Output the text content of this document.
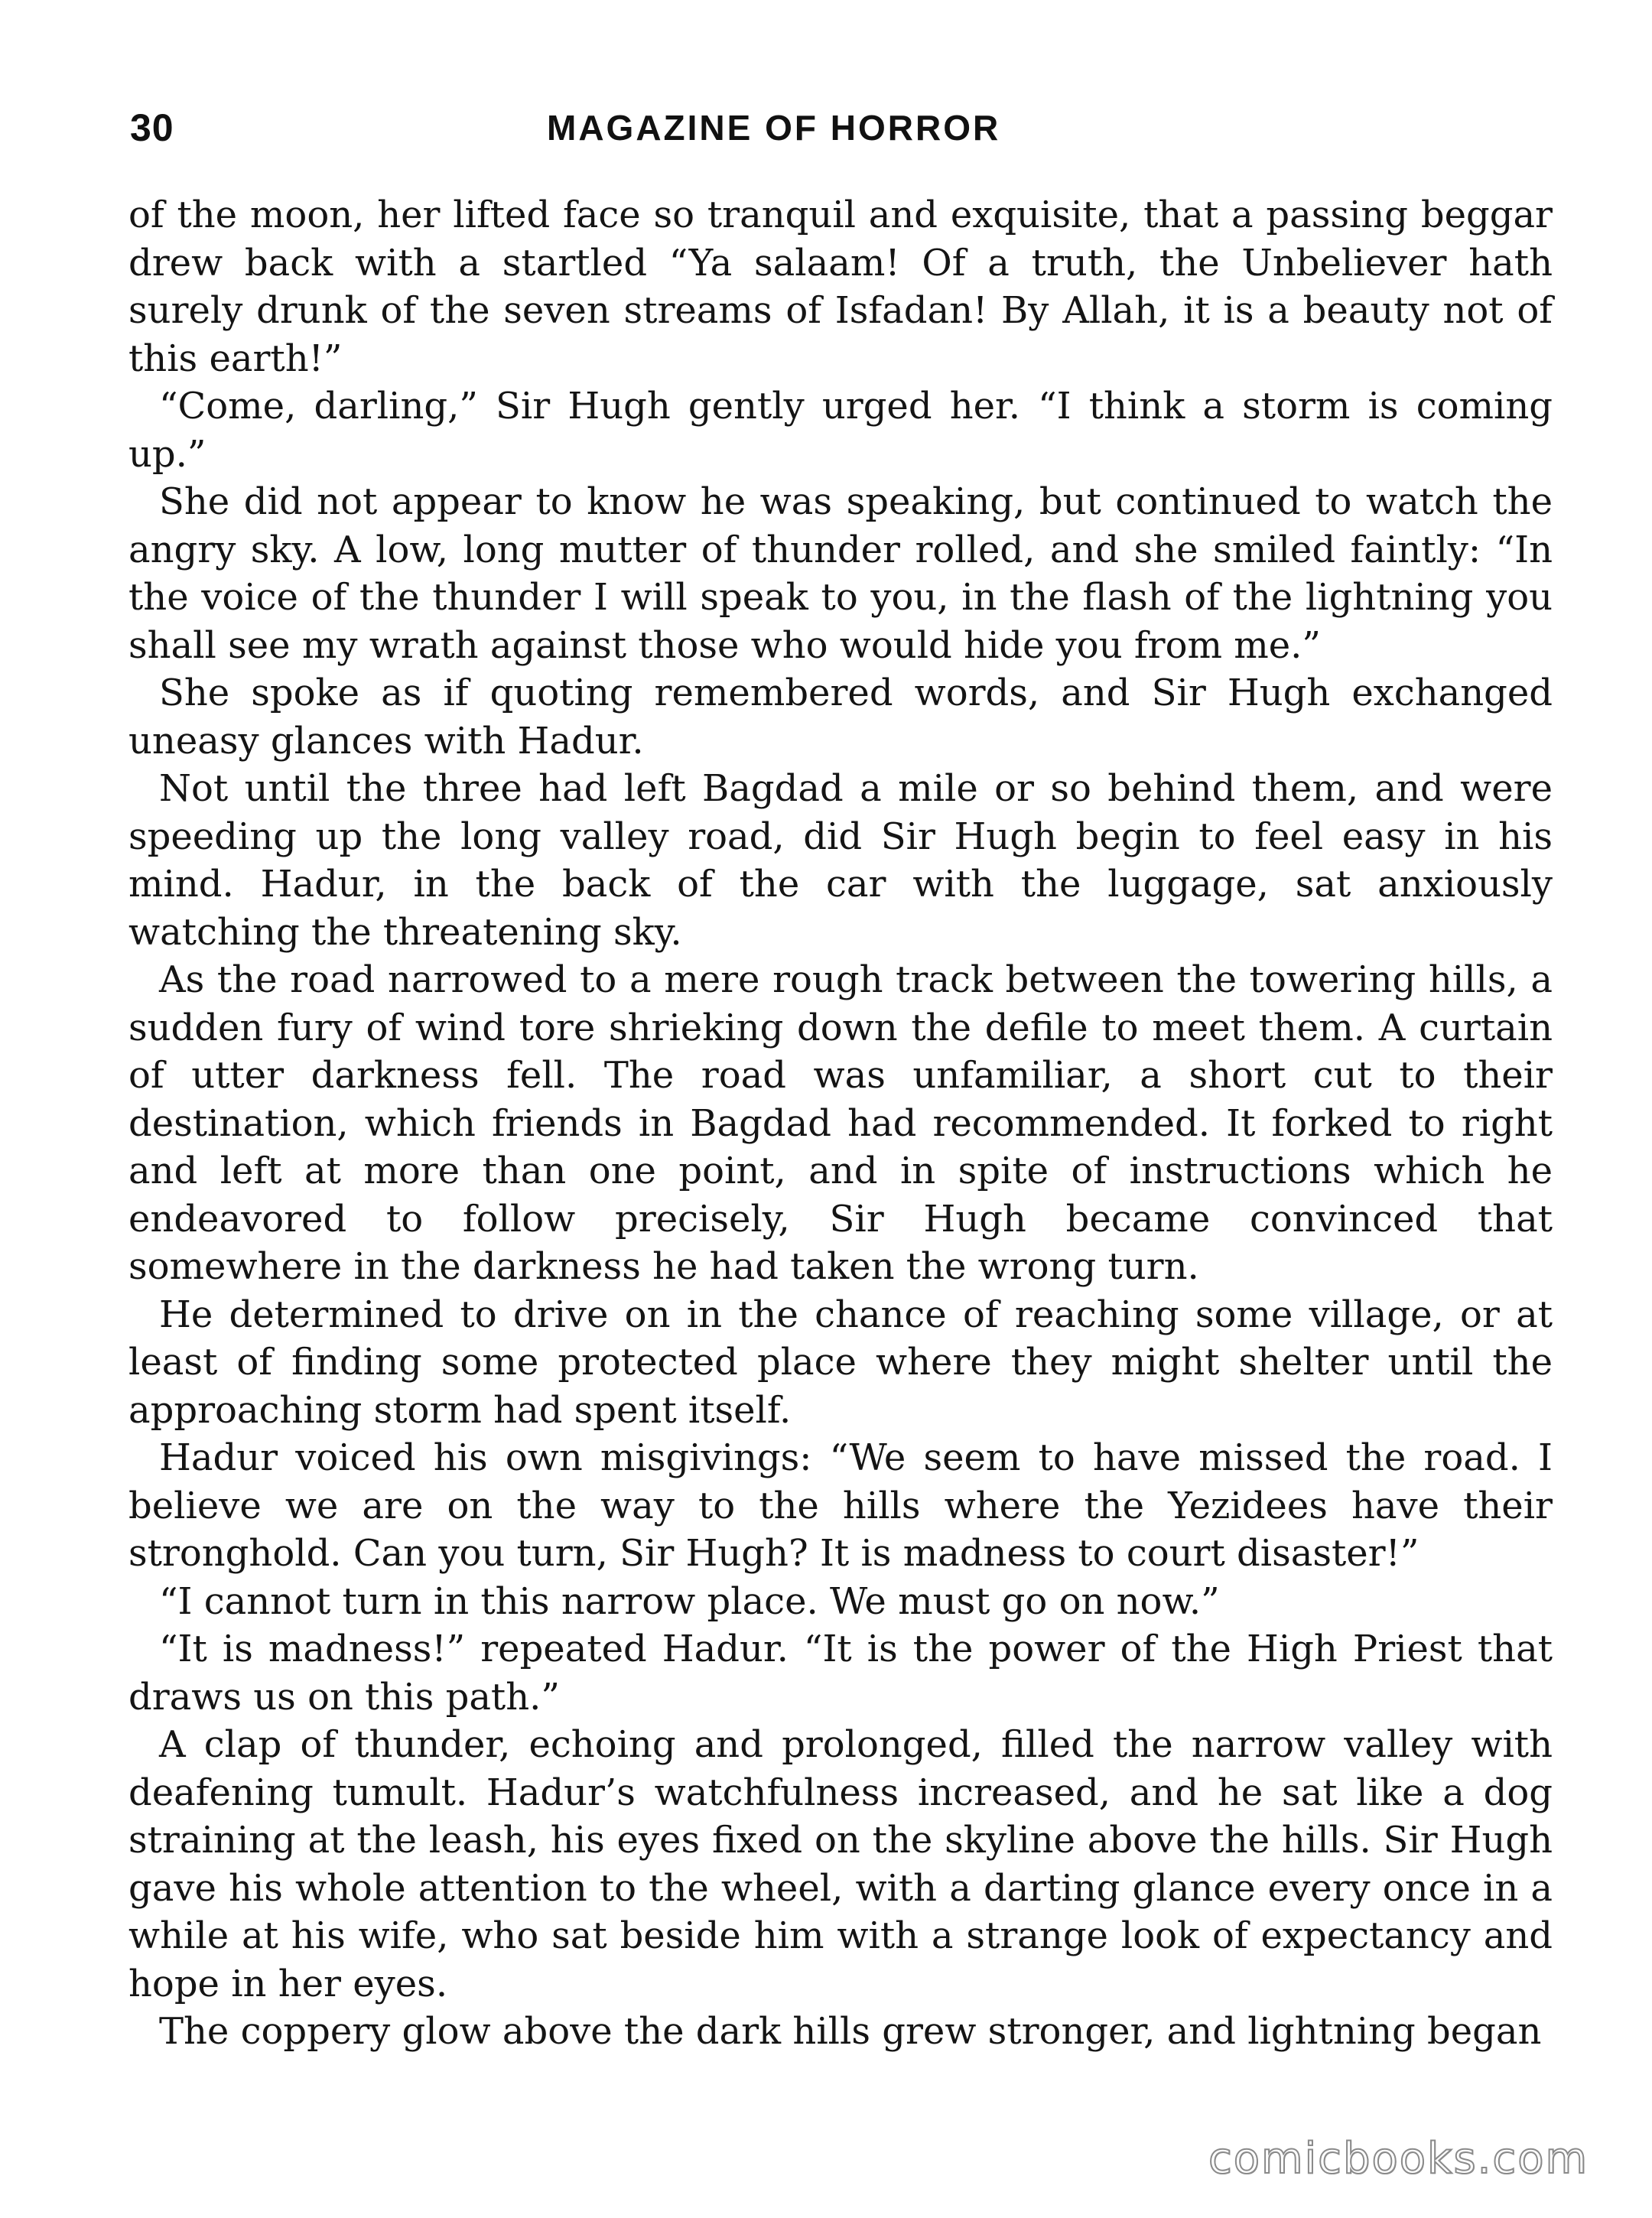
30	MAGAZINE OF HORROR

of the moon, her lifted face so tranquil and exquisite, that a passing beggar drew back with a startled “Ya salaam! Of a truth, the Unbeliever hath surely drunk of the seven streams of Isfadan! By Allah, it is a beauty not of this earth!”

“Come, darling,” Sir Hugh gently urged her. “I think a storm is coming up.”

She did not appear to know he was speaking, but continued to watch the angry sky. A low, long mutter of thunder rolled, and she smiled faintly: “In the voice of the thunder I will speak to you, in the flash of the lightning you shall see my wrath against those who would hide you from me.”

She spoke as if quoting remembered words, and Sir Hugh exchanged uneasy glances with Hadur.

Not until the three had left Bagdad a mile or so behind them, and were speeding up the long valley road, did Sir Hugh begin to feel easy in his mind. Hadur, in the back of the car with the luggage, sat anxiously watching the threatening sky.

As the road narrowed to a mere rough track between the towering hills, a sudden fury of wind tore shrieking down the defile to meet them. A curtain of utter darkness fell. The road was unfamiliar, a short cut to their destination, which friends in Bagdad had recommended. It forked to right and left at more than one point, and in spite of instructions which he endeavored to follow precisely, Sir Hugh became convinced that somewhere in the darkness he had taken the wrong turn.

He determined to drive on in the chance of reaching some village, or at least of finding some protected place where they might shelter until the approaching storm had spent itself.

Hadur voiced his own misgivings: “We seem to have missed the road. I believe we are on the way to the hills where the Yezidees have their stronghold. Can you turn, Sir Hugh? It is madness to court disaster!”

“I cannot turn in this narrow place. We must go on now.”

“It is madness!” repeated Hadur. “It is the power of the High Priest that draws us on this path.”

A clap of thunder, echoing and prolonged, filled the narrow valley with deafening tumult. Hadur’s watchfulness increased, and he sat like a dog straining at the leash, his eyes fixed on the skyline above the hills. Sir Hugh gave his whole attention to the wheel, with a darting glance every once in a while at his wife, who sat beside him with a strange look of expectancy and hope in her eyes.

The coppery glow above the dark hills grew stronger, and lightning began

comicbooks.com
